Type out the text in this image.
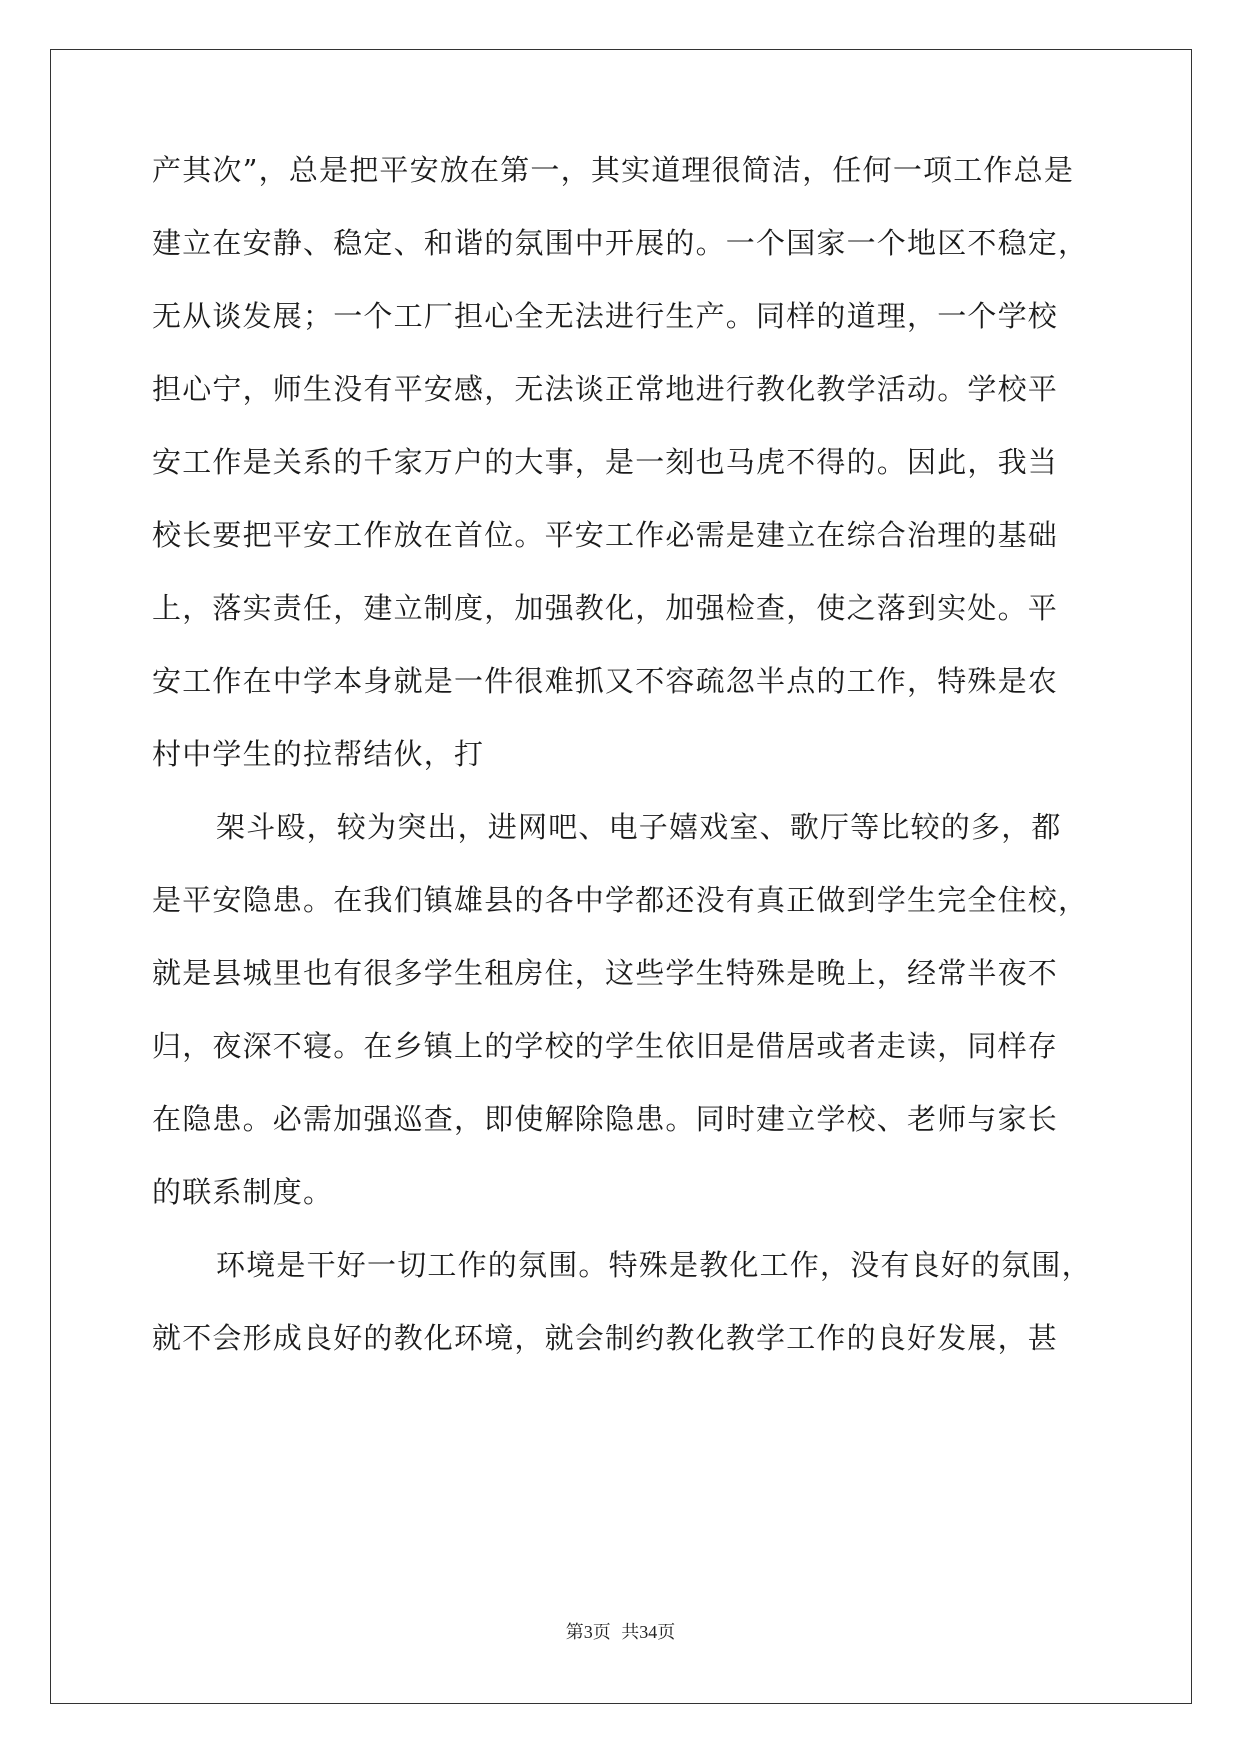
产其次”，总是把平安放在第一，其实道理很简洁，任何一项工作总是
建立在安静、稳定、和谐的氛围中开展的。一个国家一个地区不稳定，
无从谈发展；一个工厂担心全无法进行生产。同样的道理，一个学校
担心宁，师生没有平安感，无法谈正常地进行教化教学活动。学校平
安工作是关系的千家万户的大事，是一刻也马虎不得的。因此，我当
校长要把平安工作放在首位。平安工作必需是建立在综合治理的基础
上，落实责任，建立制度，加强教化，加强检查，使之落到实处。平
安工作在中学本身就是一件很难抓又不容疏忽半点的工作，特殊是农
村中学生的拉帮结伙，打
架斗殴，较为突出，进网吧、电子嬉戏室、歌厅等比较的多，都
是平安隐患。在我们镇雄县的各中学都还没有真正做到学生完全住校，
就是县城里也有很多学生租房住，这些学生特殊是晚上，经常半夜不
归，夜深不寝。在乡镇上的学校的学生依旧是借居或者走读，同样存
在隐患。必需加强巡查，即使解除隐患。同时建立学校、老师与家长
的联系制度。
环境是干好一切工作的氛围。特殊是教化工作，没有良好的氛围，
就不会形成良好的教化环境，就会制约教化教学工作的良好发展，甚
第3页 共34页
